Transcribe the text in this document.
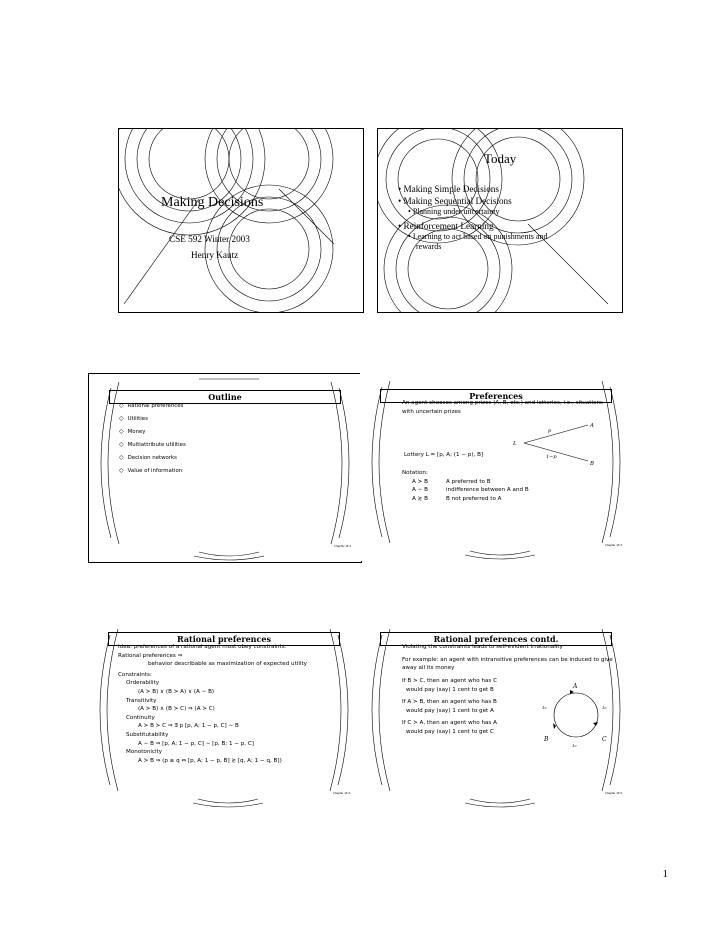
Making Decisions
CSE 592 Winter 2003
Henry Kautz
Today
• Making Simple Decisions
• Making Sequential Decisions
• Planning under uncertainty
• Reinforcement Learning
• Learning to act based on punishments and
rewards
Outline
◇ Rational preferences
◇ Utilities
◇ Money
◇ Multiattribute utilities
◇ Decision networks
◇ Value of information
Chapter 16 2
Preferences
An agent chooses among prizes (A, B, etc.) and lotteries, i.e., situations
with uncertain prizes
L
p
1−p
A
B
Lottery L = [p, A; (1 − p), B]
Notation:
A ≻ B	A preferred to B
A ∼ B	indifference between A and B
A ≿ B	B not preferred to A
Chapter 16 3
Rational preferences
Idea: preferences of a rational agent must obey constraints.
Rational preferences ⇒
behavior describable as maximization of expected utility
Constraints:
Orderability
(A ≻ B) ∨ (B ≻ A) ∨ (A ∼ B)
Transitivity
(A ≻ B) ∧ (B ≻ C) ⇒ (A ≻ C)
Continuity
A ≻ B ≻ C ⇒ ∃ p [p, A; 1 − p, C] ∼ B
Substitutability
A ∼ B ⇒ [p, A; 1 − p, C] ∼ [p, B; 1 − p, C]
Monotonicity
A ≻ B ⇒ (p ≥ q ⇔ [p, A; 1 − p, B] ≿ [q, A; 1 − q, B])
Chapter 16 4
Rational preferences contd.
Violating the constraints leads to self-evident irrationality
For example: an agent with intransitive preferences can be induced to give
away all its money
If B ≻ C, then an agent who has C
would pay (say) 1 cent to get B
If A ≻ B, then an agent who has B
would pay (say) 1 cent to get A
If C ≻ A, then an agent who has A
would pay (say) 1 cent to get C
A
B	C
1c	1c
1c
Chapter 16 5
1
